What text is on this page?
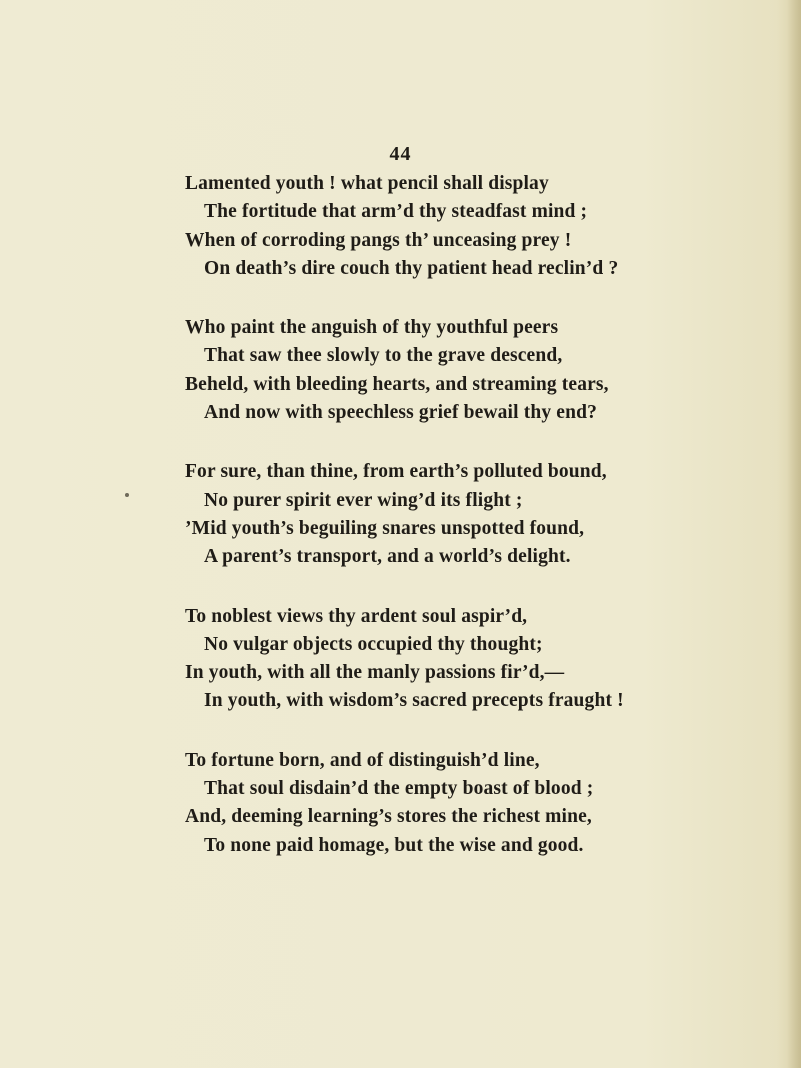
44

Lamented youth ! what pencil shall display
The fortitude that arm’d thy steadfast mind ;
When of corroding pangs th’ unceasing prey !
On death’s dire couch thy patient head reclin’d ?
Who paint the anguish of thy youthful peers
That saw thee slowly to the grave descend,
Beheld, with bleeding hearts, and streaming tears,
And now with speechless grief bewail thy end?
For sure, than thine, from earth’s polluted bound,
No purer spirit ever wing’d its flight ;
’Mid youth’s beguiling snares unspotted found,
A parent’s transport, and a world’s delight.
To noblest views thy ardent soul aspir’d,
No vulgar objects occupied thy thought;
In youth, with all the manly passions fir’d,—
In youth, with wisdom’s sacred precepts fraught !
To fortune born, and of distinguish’d line,
That soul disdain’d the empty boast of blood ;
And, deeming learning’s stores the richest mine,
To none paid homage, but the wise and good.
